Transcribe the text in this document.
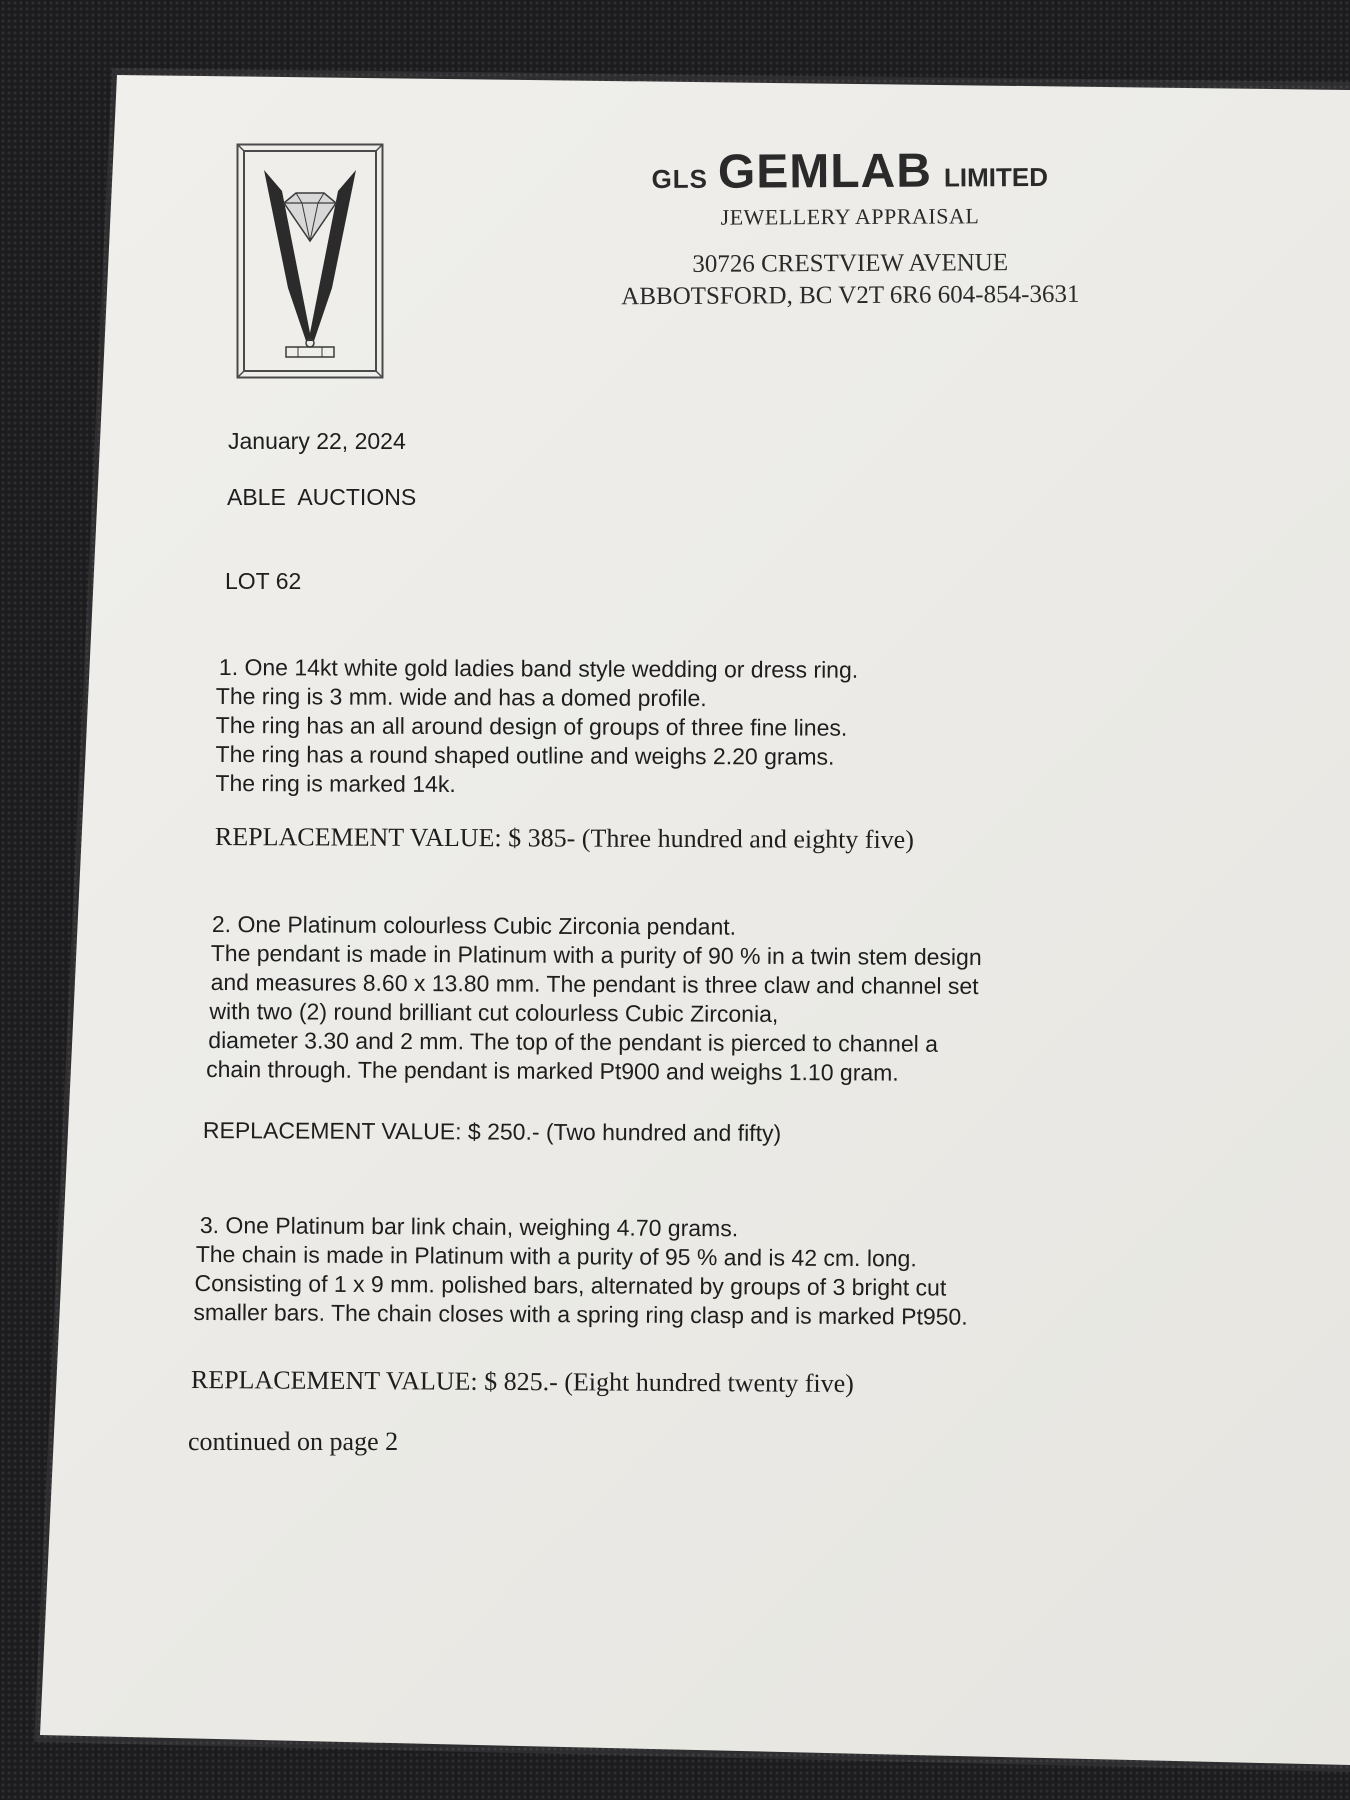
GLS GEMLAB LIMITED
JEWELLERY APPRAISAL
30726 CRESTVIEW AVENUE
ABBOTSFORD, BC V2T 6R6 604-854-3631
January 22, 2024
ABLE  AUCTIONS
LOT 62
1. One 14kt white gold ladies band style wedding or dress ring.
The ring is 3 mm. wide and has a domed profile.
The ring has an all around design of groups of three fine lines.
The ring has a round shaped outline and weighs 2.20 grams.
The ring is marked 14k.
REPLACEMENT VALUE: $ 385- (Three hundred and eighty five)
2. One Platinum colourless Cubic Zirconia pendant.
The pendant is made in Platinum with a purity of 90 % in a twin stem design
and measures 8.60 x 13.80 mm. The pendant is three claw and channel set
with two (2) round brilliant cut colourless Cubic Zirconia,
diameter 3.30 and 2 mm. The top of the pendant is pierced to channel a
chain through. The pendant is marked Pt900 and weighs 1.10 gram.
REPLACEMENT VALUE: $ 250.- (Two hundred and fifty)
3. One Platinum bar link chain, weighing 4.70 grams.
The chain is made in Platinum with a purity of 95 % and is 42 cm. long.
Consisting of 1 x 9 mm. polished bars, alternated by groups of 3 bright cut
smaller bars. The chain closes with a spring ring clasp and is marked Pt950.
REPLACEMENT VALUE: $ 825.- (Eight hundred twenty five)
continued on page 2
